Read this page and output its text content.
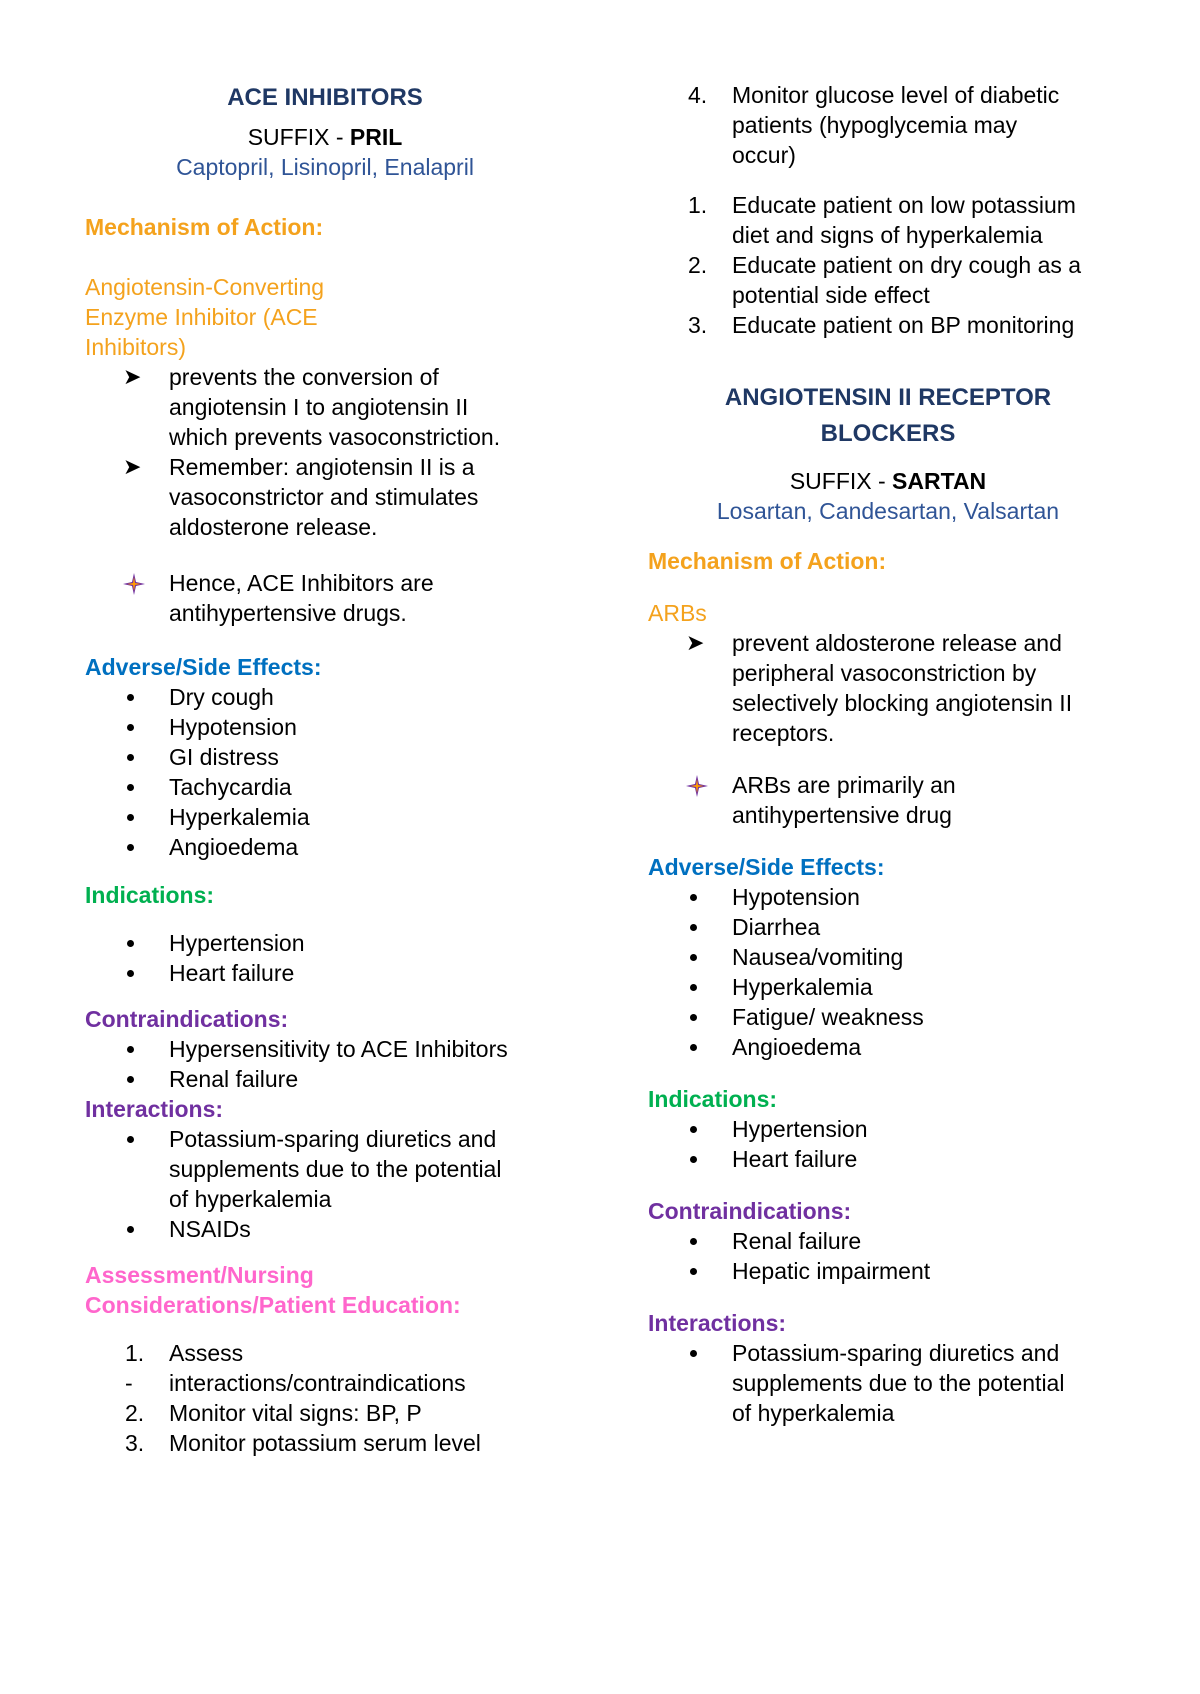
ACE INHIBITORS

SUFFIX - PRIL

Captopril, Lisinopril, Enalapril

Mechanism of Action:

Angiotensin-Converting

Enzyme Inhibitor (ACE

Inhibitors)

➤	prevents the conversion of
angiotensin I to angiotensin II
which prevents vasoconstriction.
➤	Remember: angiotensin II is a
vasoconstrictor and stimulates
aldosterone release.
Hence, ACE Inhibitors are
antihypertensive drugs.

Adverse/Side Effects:

Dry cough
Hypotension
GI distress
Tachycardia
Hyperkalemia
Angioedema

Indications:

Hypertension
Heart failure

Contraindications:

Hypersensitivity to ACE Inhibitors
Renal failure

Interactions:

Potassium-sparing diuretics and
supplements due to the potential
of hyperkalemia
NSAIDs

Assessment/Nursing

Considerations/Patient Education:

1.	Assess
-	interactions/contraindications
2.	Monitor vital signs: BP, P
3.	Monitor potassium serum level
4.	Monitor glucose level of diabetic
patients (hypoglycemia may
occur)
1.	Educate patient on low potassium
diet and signs of hyperkalemia
2.	Educate patient on dry cough as a
potential side effect
3.	Educate patient on BP monitoring

ANGIOTENSIN II RECEPTOR

BLOCKERS

SUFFIX - SARTAN

Losartan, Candesartan, Valsartan

Mechanism of Action:

ARBs

➤	prevent aldosterone release and
peripheral vasoconstriction by
selectively blocking angiotensin II
receptors.
ARBs are primarily an
antihypertensive drug

Adverse/Side Effects:

Hypotension
Diarrhea
Nausea/vomiting
Hyperkalemia
Fatigue/ weakness
Angioedema

Indications:

Hypertension
Heart failure

Contraindications:

Renal failure
Hepatic impairment

Interactions:

Potassium-sparing diuretics and
supplements due to the potential
of hyperkalemia
